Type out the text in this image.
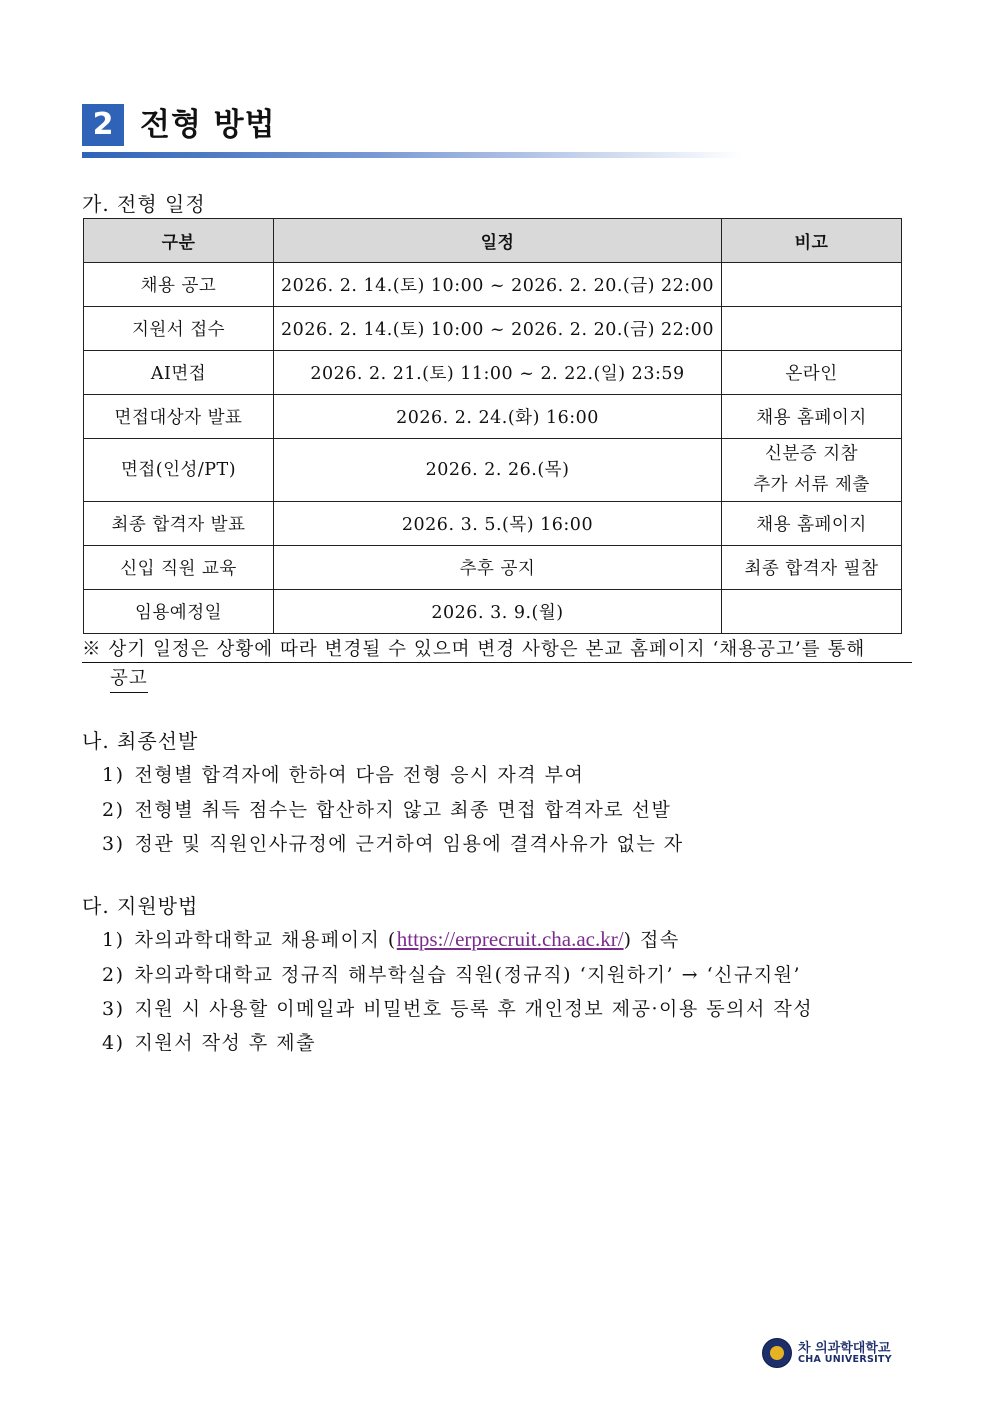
2 전형 방법
가. 전형 일정
구분	일정	비고
채용 공고	2026. 2. 14.(토) 10:00 ~ 2026. 2. 20.(금) 22:00	
지원서 접수	2026. 2. 14.(토) 10:00 ~ 2026. 2. 20.(금) 22:00	
AI면접	2026. 2. 21.(토) 11:00 ~ 2. 22.(일) 23:59	온라인
면접대상자 발표	2026. 2. 24.(화) 16:00	채용 홈페이지
면접(인성/PT)	2026. 2. 26.(목)	신분증 지참
추가 서류 제출
최종 합격자 발표	2026. 3. 5.(목) 16:00	채용 홈페이지
신입 직원 교육	추후 공지	최종 합격자 필참
임용예정일	2026. 3. 9.(월)	
※ 상기 일정은 상황에 따라 변경될 수 있으며 변경 사항은 본교 홈페이지 ‘채용공고’를 통해
공고
나. 최종선발
1) 전형별 합격자에 한하여 다음 전형 응시 자격 부여
2) 전형별 취득 점수는 합산하지 않고 최종 면접 합격자로 선발
3) 정관 및 직원인사규정에 근거하여 임용에 결격사유가 없는 자
다. 지원방법
1) 차의과학대학교 채용페이지 (https://erprecruit.cha.ac.kr/) 접속
2) 차의과학대학교 정규직 해부학실습 직원(정규직) ‘지원하기’ → ‘신규지원’
3) 지원 시 사용할 이메일과 비밀번호 등록 후 개인정보 제공·이용 동의서 작성
4) 지원서 작성 후 제출
차 의과학대학교
CHA UNIVERSITY
